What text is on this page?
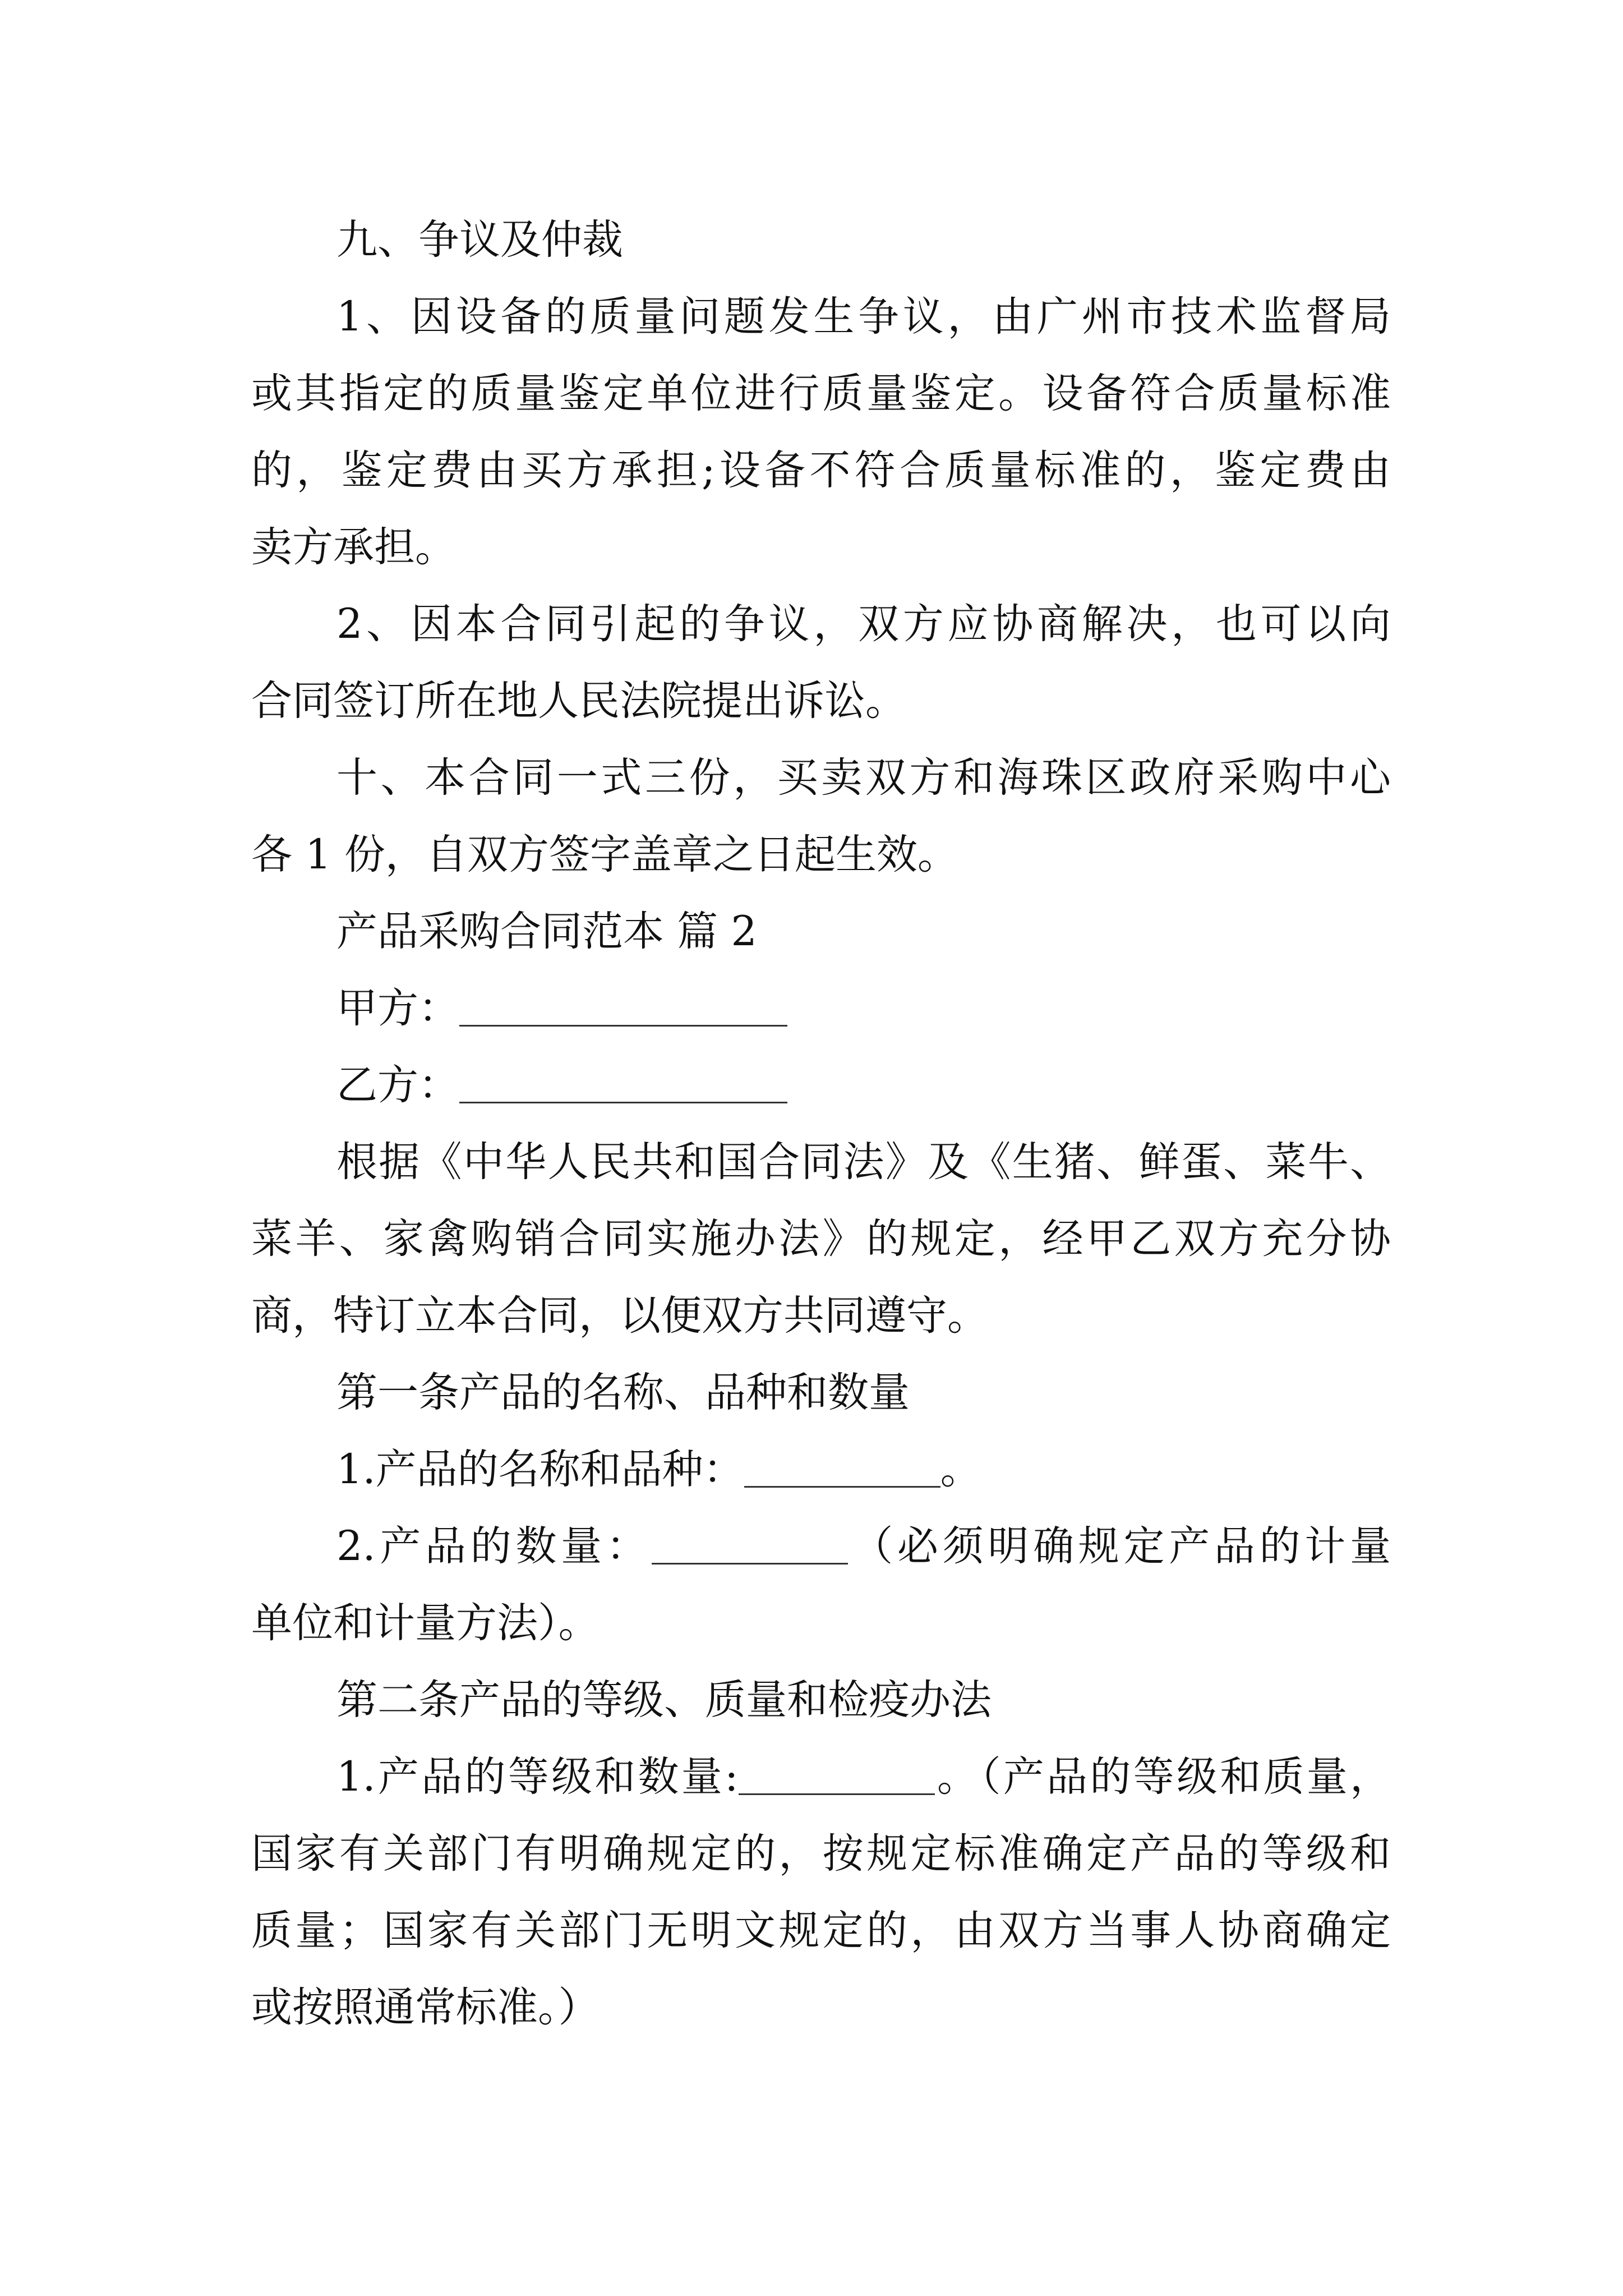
九、争议及仲裁
1、因设备的质量问题发生争议，由广州市技术监督局
或其指定的质量鉴定单位进行质量鉴定。设备符合质量标准
的，鉴定费由买方承担;设备不符合质量标准的，鉴定费由
卖方承担。
2、因本合同引起的争议，双方应协商解决，也可以向
合同签订所在地人民法院提出诉讼。
十、本合同一式三份，买卖双方和海珠区政府采购中心
各 1 份，自双方签字盖章之日起生效。
产品采购合同范本 篇 2
甲方：
乙方：
根据《中华人民共和国合同法》及《生猪、鲜蛋、菜牛、
菜羊、家禽购销合同实施办法》的规定，经甲乙双方充分协
商，特订立本合同，以便双方共同遵守。
第一条产品的名称、品种和数量
1.产品的名称和品种：	。
2.产品的数量：	（必须明确规定产品的计量
单位和计量方法）。
第二条产品的等级、质量和检疫办法
1.产品的等级和数量:	。（产品的等级和质量，
国家有关部门有明确规定的，按规定标准确定产品的等级和
质量；国家有关部门无明文规定的，由双方当事人协商确定
或按照通常标准。）
